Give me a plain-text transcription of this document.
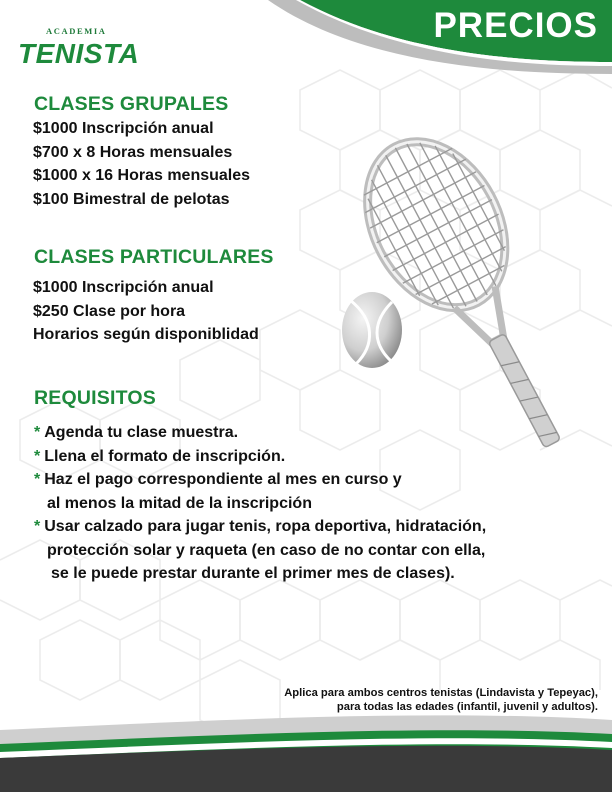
ACADEMIA
TENISTA
PRECIOS
CLASES GRUPALES
$1000 Inscripción anual
$700 x 8 Horas mensuales
$1000 x 16 Horas mensuales
$100 Bimestral de pelotas
CLASES PARTICULARES
$1000 Inscripción anual
$250 Clase por hora
Horarios según disponiblidad
REQUISITOS
* Agenda tu clase muestra.
* Llena el formato de inscripción.
* Haz el pago correspondiente al mes en curso y
al menos la mitad de la inscripción
* Usar calzado para jugar tenis, ropa deportiva, hidratación,
protección solar y raqueta (en caso de no contar con ella,
se le puede prestar durante el primer mes de clases).
Aplica para ambos centros tenistas (Lindavista y Tepeyac),
para todas las edades (infantil, juvenil y adultos).
